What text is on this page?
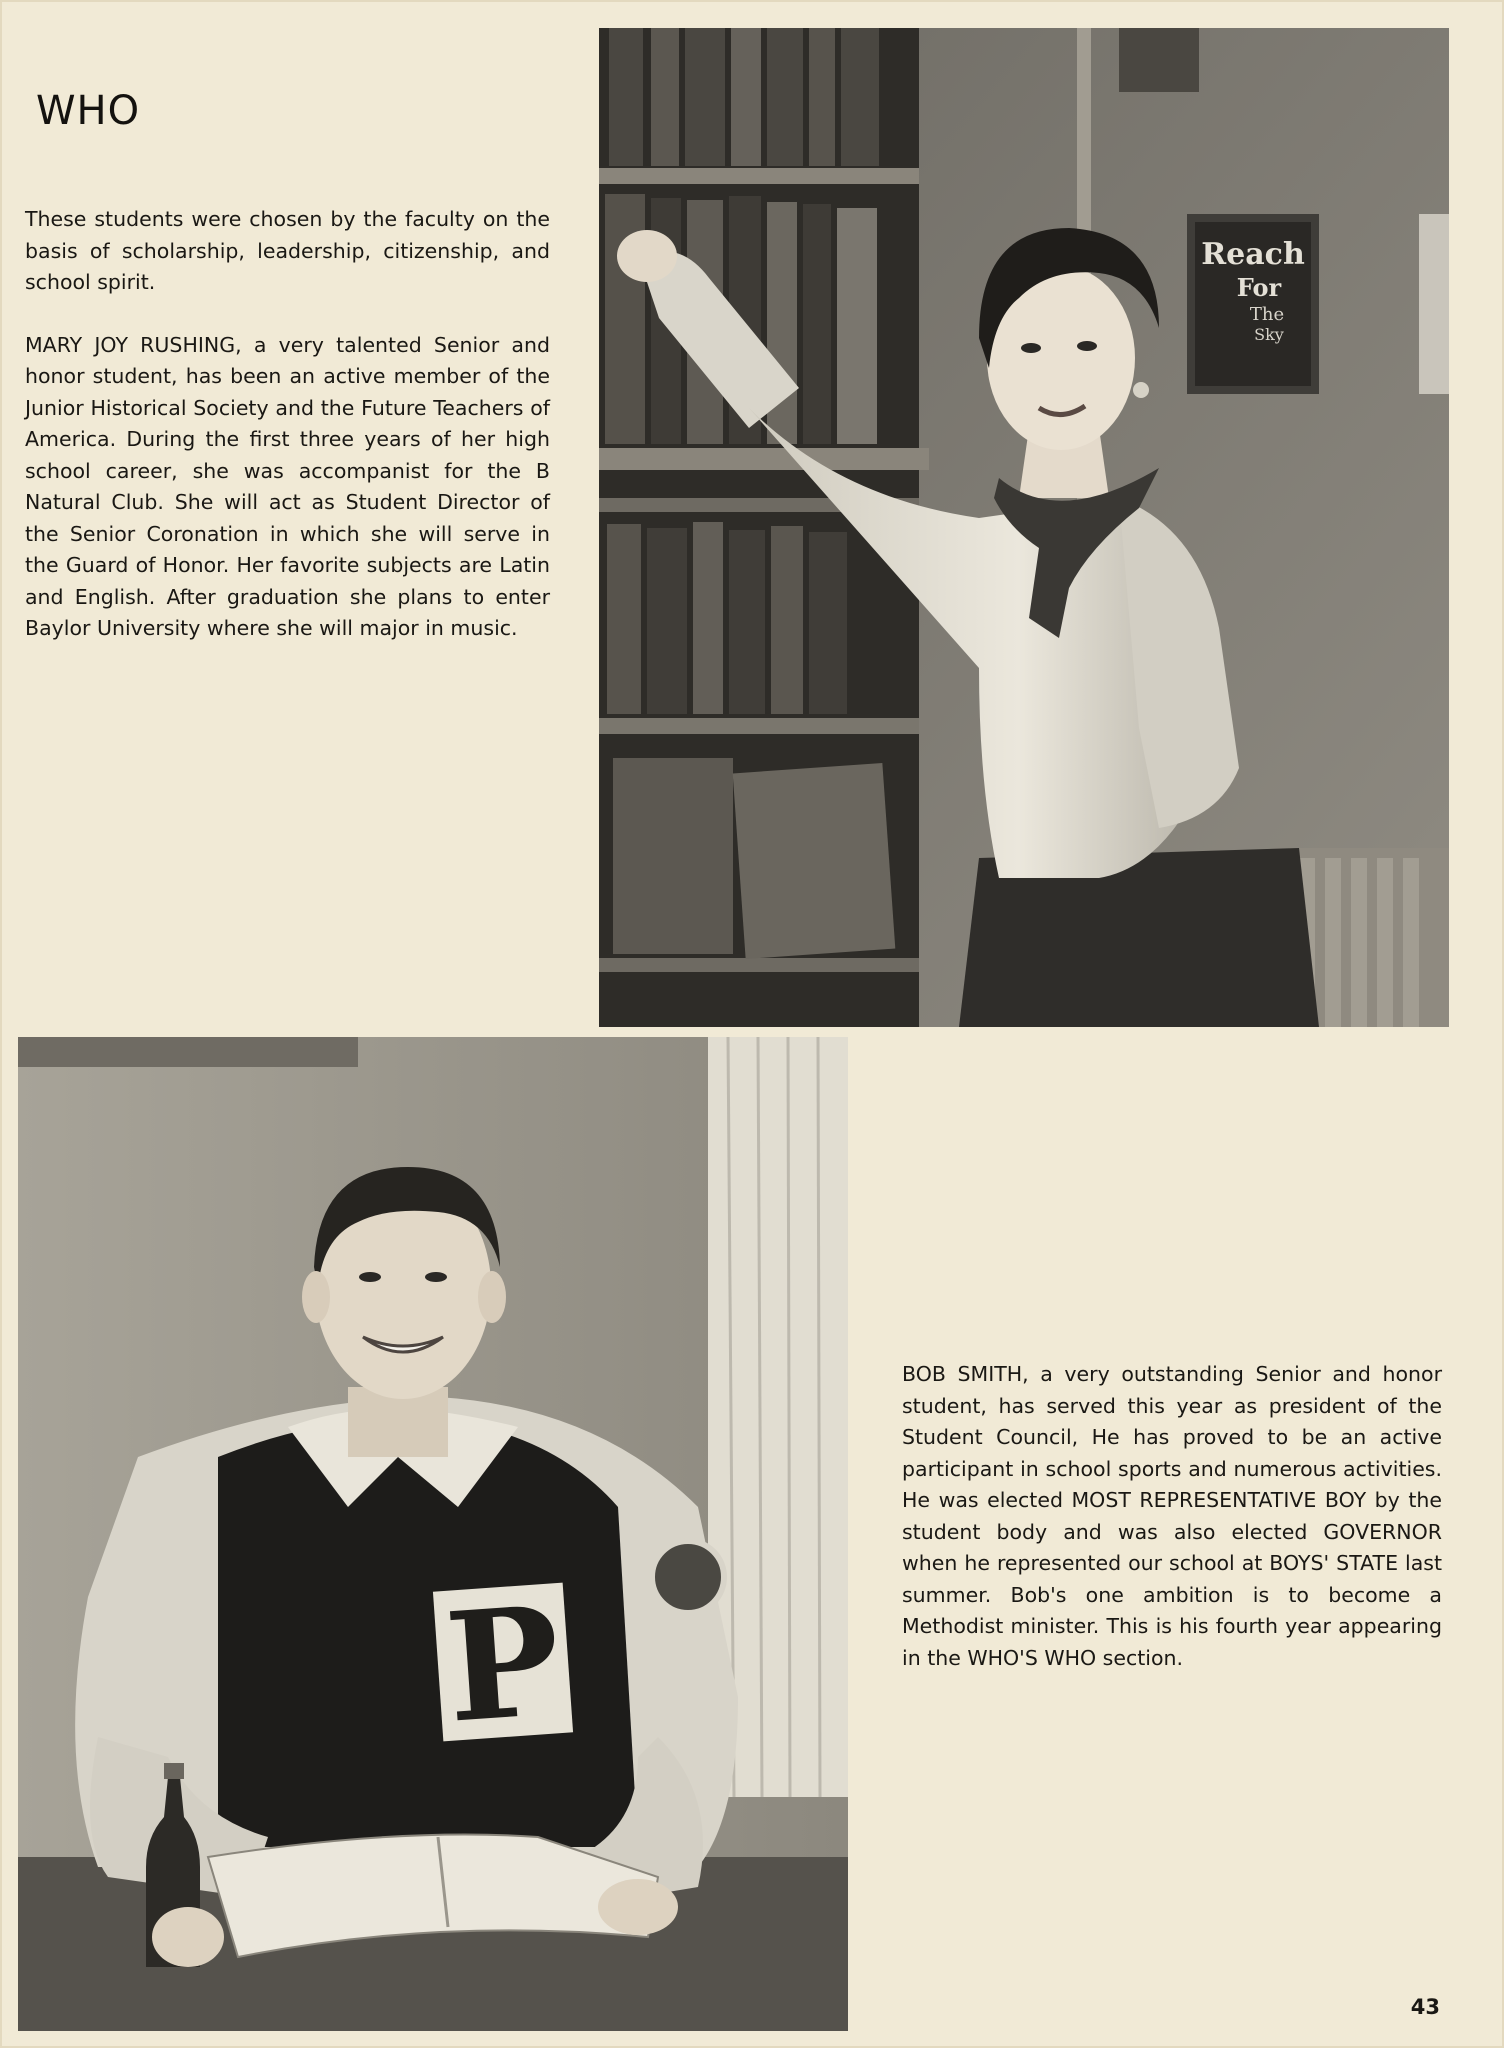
WHO

These students were chosen by the faculty on the basis of scholarship, leadership, citizenship, and school spirit.

MARY JOY RUSHING, a very talented Senior and honor student, has been an active member of the Junior Historical Society and the Future Teachers of America. During the first three years of her high school career, she was accompanist for the B Natural Club. She will act as Student Director of the Senior Coronation in which she will serve in the Guard of Honor. Her favorite subjects are Latin and English. After graduation she plans to enter Baylor University where she will major in music.

Reach
For
The
Sky
P

BOB SMITH, a very outstanding Senior and honor student, has served this year as president of the Student Council, He has proved to be an active participant in school sports and numerous activities. He was elected MOST REPRESENTATIVE BOY by the student body and was also elected GOVERNOR when he represented our school at BOYS' STATE last summer. Bob's one ambition is to become a Methodist minister. This is his fourth year appearing in the WHO'S WHO section.

43
